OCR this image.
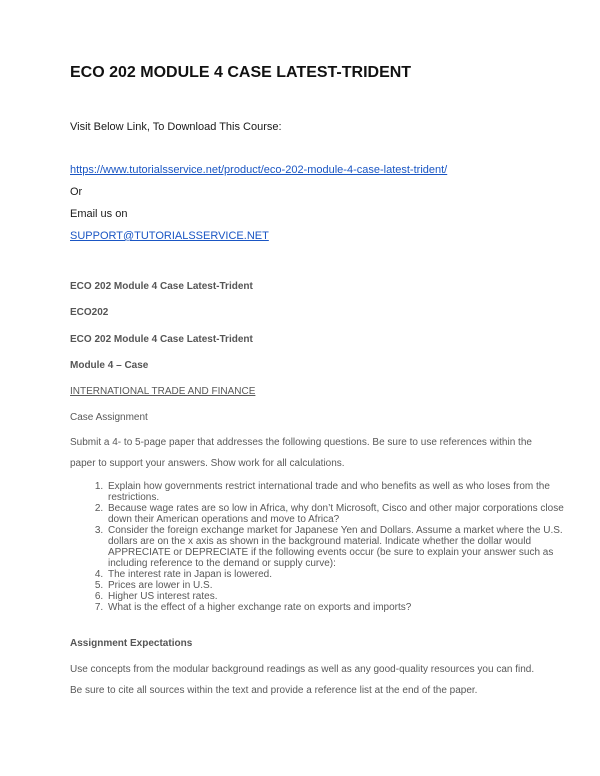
ECO 202 MODULE 4 CASE LATEST-TRIDENT
Visit Below Link, To Download This Course:
https://www.tutorialsservice.net/product/eco-202-module-4-case-latest-trident/
Or
Email us on
SUPPORT@TUTORIALSSERVICE.NET
ECO 202 Module 4 Case Latest-Trident
ECO202
ECO 202 Module 4 Case Latest-Trident
Module 4 – Case
INTERNATIONAL TRADE AND FINANCE
Case Assignment
Submit a 4- to 5-page paper that addresses the following questions. Be sure to use references within the
paper to support your answers. Show work for all calculations.
1. Explain how governments restrict international trade and who benefits as well as who loses from the restrictions.
2. Because wage rates are so low in Africa, why don’t Microsoft, Cisco and other major corporations close down their American operations and move to Africa?
3. Consider the foreign exchange market for Japanese Yen and Dollars. Assume a market where the U.S. dollars are on the x axis as shown in the background material. Indicate whether the dollar would APPRECIATE or DEPRECIATE if the following events occur (be sure to explain your answer such as including reference to the demand or supply curve):
4. The interest rate in Japan is lowered.
5. Prices are lower in U.S.
6. Higher US interest rates.
7. What is the effect of a higher exchange rate on exports and imports?
Assignment Expectations
Use concepts from the modular background readings as well as any good-quality resources you can find.
Be sure to cite all sources within the text and provide a reference list at the end of the paper.
